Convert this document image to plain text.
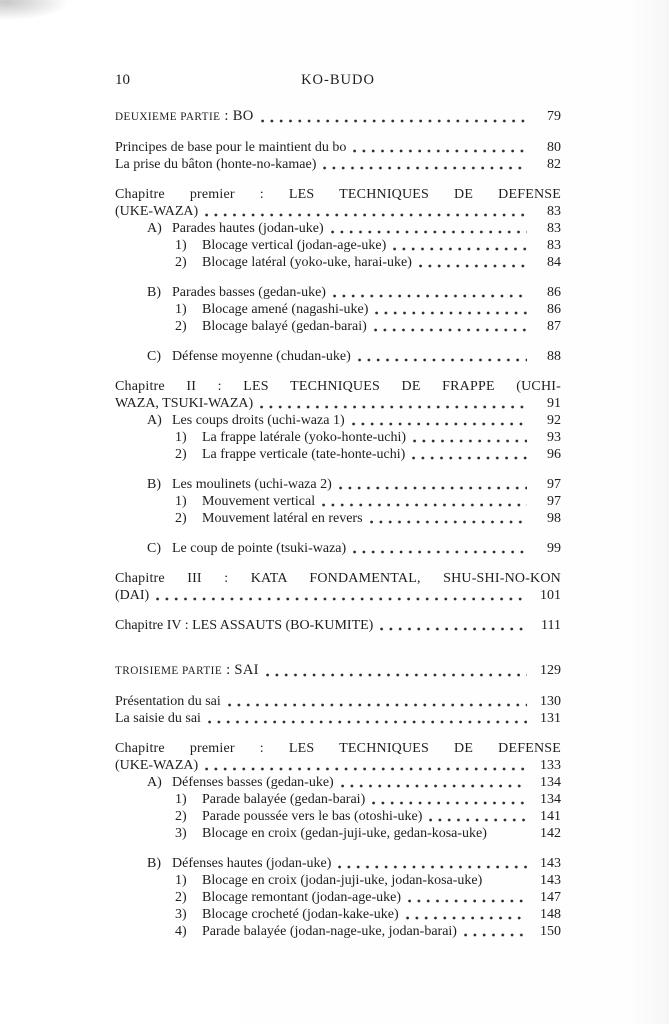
10	KO-BUDO
DEUXIEME PARTIE : BO	79
Principes de base pour le maintient du bo	80
La prise du bâton (honte-no-kamae)	82
Chapitre premier : LES TECHNIQUES DE DEFENSE
(UKE-WAZA)	83
A) Parades hautes (jodan-uke)	83
1)	Blocage vertical (jodan-age-uke)	83
2)	Blocage latéral (yoko-uke, harai-uke)	84
B) Parades basses (gedan-uke)	86
1)	Blocage amené (nagashi-uke)	86
2)	Blocage balayé (gedan-barai)	87
C) Défense moyenne (chudan-uke)	88
Chapitre II : LES TECHNIQUES DE FRAPPE (UCHI-
WAZA, TSUKI-WAZA)	91
A) Les coups droits (uchi-waza 1)	92
1)	La frappe latérale (yoko-honte-uchi)	93
2)	La frappe verticale (tate-honte-uchi)	96
B) Les moulinets (uchi-waza 2)	97
1)	Mouvement vertical	97
2)	Mouvement latéral en revers	98
C) Le coup de pointe (tsuki-waza)	99
Chapitre III : KATA FONDAMENTAL, SHU-SHI-NO-KON
(DAI)	101
Chapitre IV : LES ASSAUTS (BO-KUMITE)	111
TROISIEME PARTIE : SAI	129
Présentation du sai	130
La saisie du sai	131
Chapitre premier : LES TECHNIQUES DE DEFENSE
(UKE-WAZA)	133
A) Défenses basses (gedan-uke)	134
1)	Parade balayée (gedan-barai)	134
2)	Parade poussée vers le bas (otoshi-uke)	141
3)	Blocage en croix (gedan-juji-uke, gedan-kosa-uke)	142
B) Défenses hautes (jodan-uke)	143
1)	Blocage en croix (jodan-juji-uke, jodan-kosa-uke)	143
2)	Blocage remontant (jodan-age-uke)	147
3)	Blocage crocheté (jodan-kake-uke)	148
4)	Parade balayée (jodan-nage-uke, jodan-barai)	150
